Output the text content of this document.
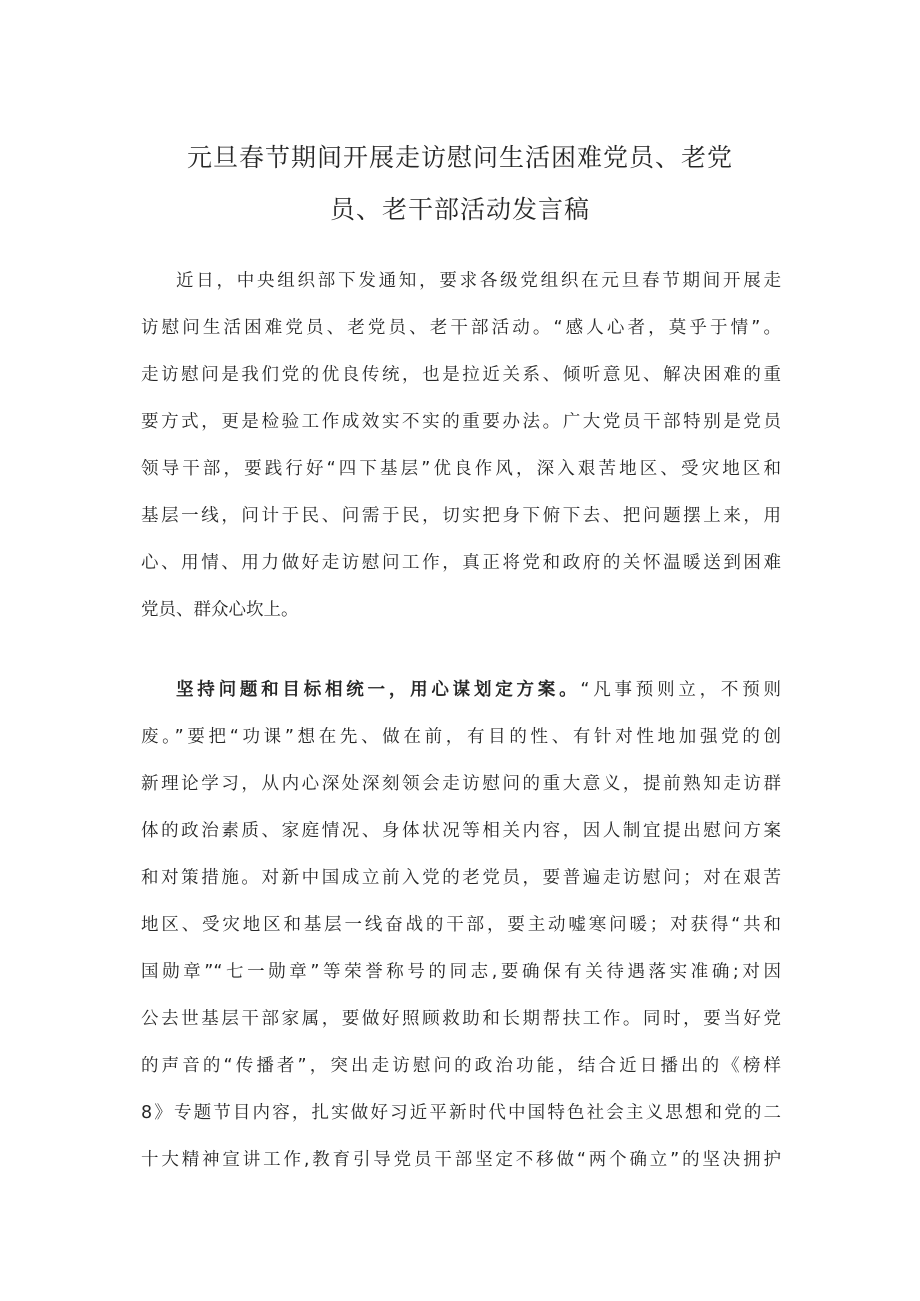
元旦春节期间开展走访慰问生活困难党员、老党
员、老干部活动发言稿
近日，中央组织部下发通知，要求各级党组织在元旦春节期间开展走
访慰问生活困难党员、老党员、老干部活动。“感人心者，莫乎于情”。
走访慰问是我们党的优良传统，也是拉近关系、倾听意见、解决困难的重
要方式，更是检验工作成效实不实的重要办法。广大党员干部特别是党员
领导干部，要践行好“四下基层”优良作风，深入艰苦地区、受灾地区和
基层一线，问计于民、问需于民，切实把身下俯下去、把问题摆上来，用
心、用情、用力做好走访慰问工作，真正将党和政府的关怀温暖送到困难
党员、群众心坎上。
坚持问题和目标相统一，用心谋划定方案。“凡事预则立，不预则
废。”要把“功课”想在先、做在前，有目的性、有针对性地加强党的创
新理论学习，从内心深处深刻领会走访慰问的重大意义，提前熟知走访群
体的政治素质、家庭情况、身体状况等相关内容，因人制宜提出慰问方案
和对策措施。对新中国成立前入党的老党员，要普遍走访慰问；对在艰苦
地区、受灾地区和基层一线奋战的干部，要主动嘘寒问暖；对获得“共和
国勋章”“七一勋章”等荣誉称号的同志,要确保有关待遇落实准确;对因
公去世基层干部家属，要做好照顾救助和长期帮扶工作。同时，要当好党
的声音的“传播者”，突出走访慰问的政治功能，结合近日播出的《榜样
8》专题节目内容，扎实做好习近平新时代中国特色社会主义思想和党的二
十大精神宣讲工作,教育引导党员干部坚定不移做“两个确立”的坚决拥护
